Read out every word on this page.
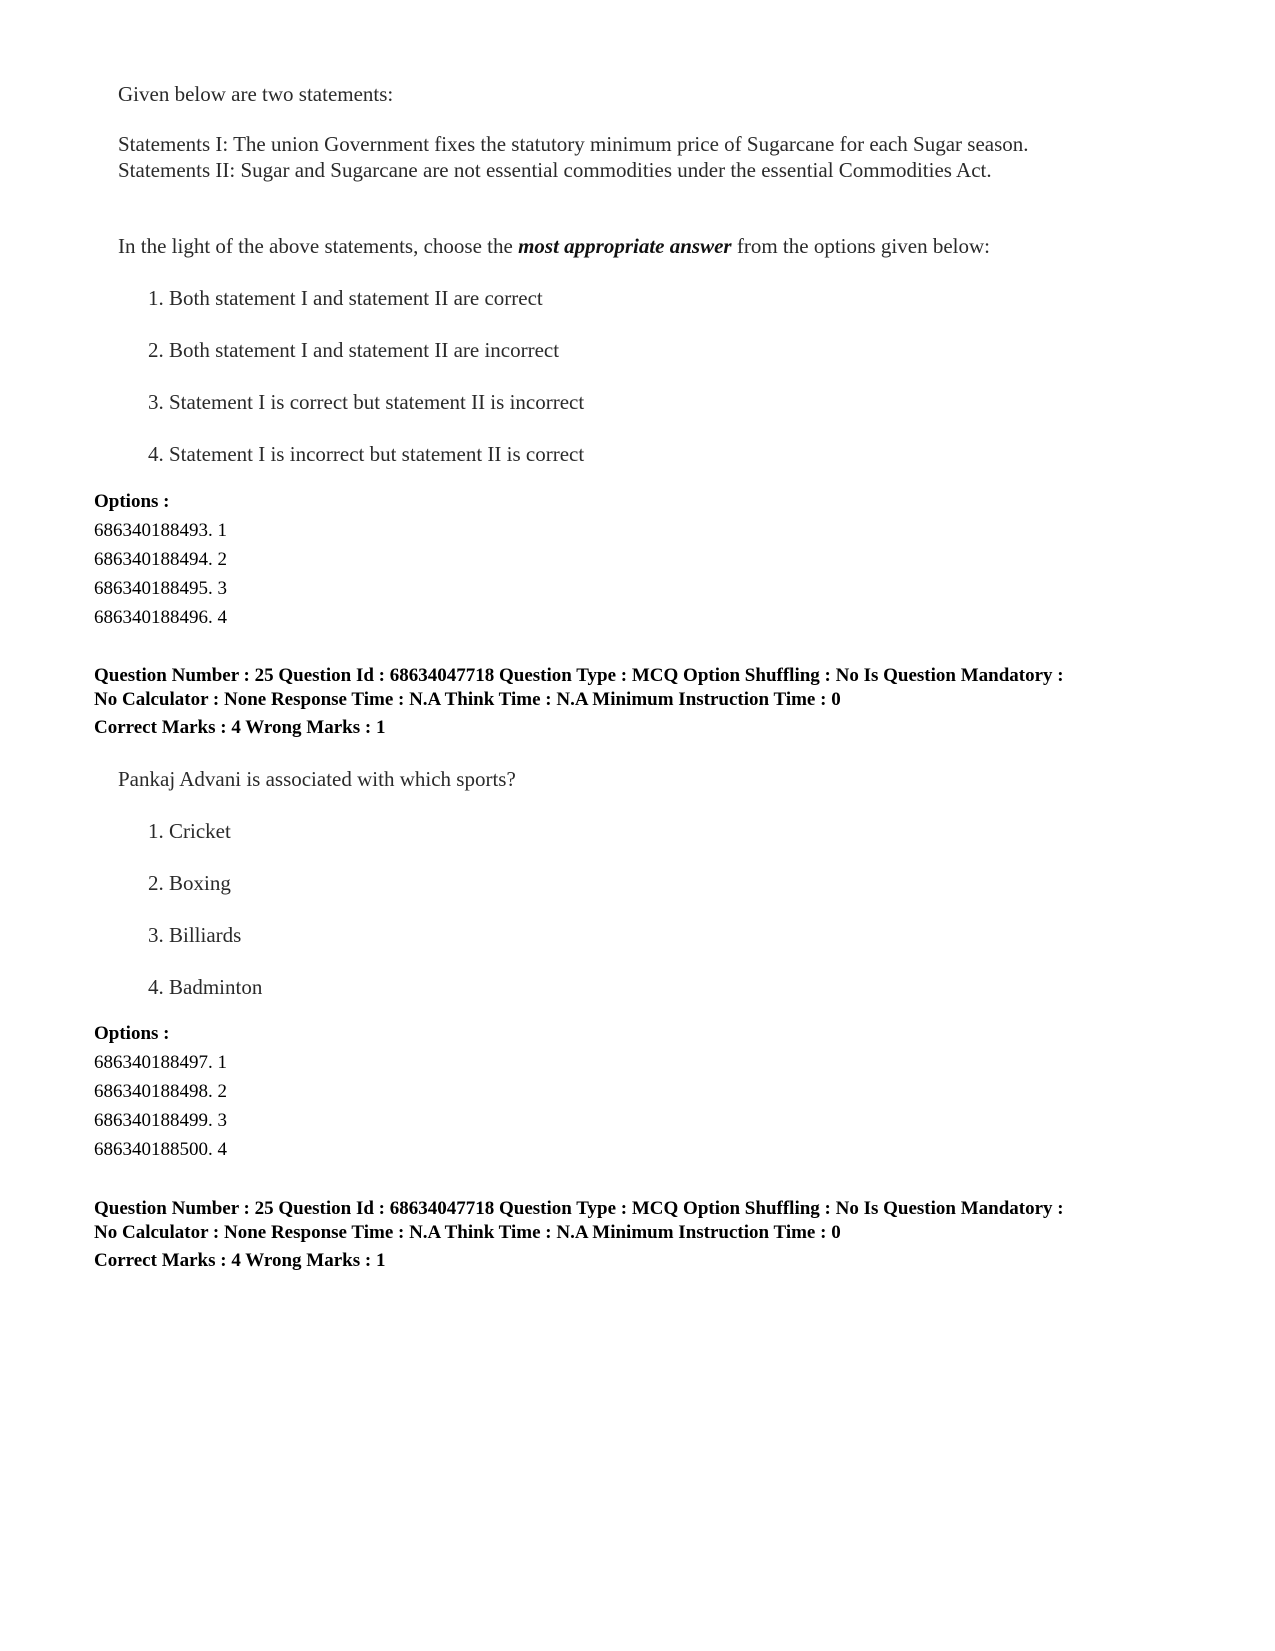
Given below are two statements:

Statements I: The union Government fixes the statutory minimum price of Sugarcane for each Sugar season.

Statements II: Sugar and Sugarcane are not essential commodities under the essential Commodities Act.

In the light of the above statements, choose the most appropriate answer from the options given below:

1. Both statement I and statement II are correct
2. Both statement I and statement II are incorrect
3. Statement I is correct but statement II is incorrect
4. Statement I is incorrect but statement II is correct
Options :
686340188493. 1
686340188494. 2
686340188495. 3
686340188496. 4
Question Number : 25 Question Id : 68634047718 Question Type : MCQ Option Shuffling : No Is Question Mandatory :
No Calculator : None Response Time : N.A Think Time : N.A Minimum Instruction Time : 0
Correct Marks : 4 Wrong Marks : 1

Pankaj Advani is associated with which sports?

1. Cricket
2. Boxing
3. Billiards
4. Badminton
Options :
686340188497. 1
686340188498. 2
686340188499. 3
686340188500. 4
Question Number : 25 Question Id : 68634047718 Question Type : MCQ Option Shuffling : No Is Question Mandatory :
No Calculator : None Response Time : N.A Think Time : N.A Minimum Instruction Time : 0
Correct Marks : 4 Wrong Marks : 1
